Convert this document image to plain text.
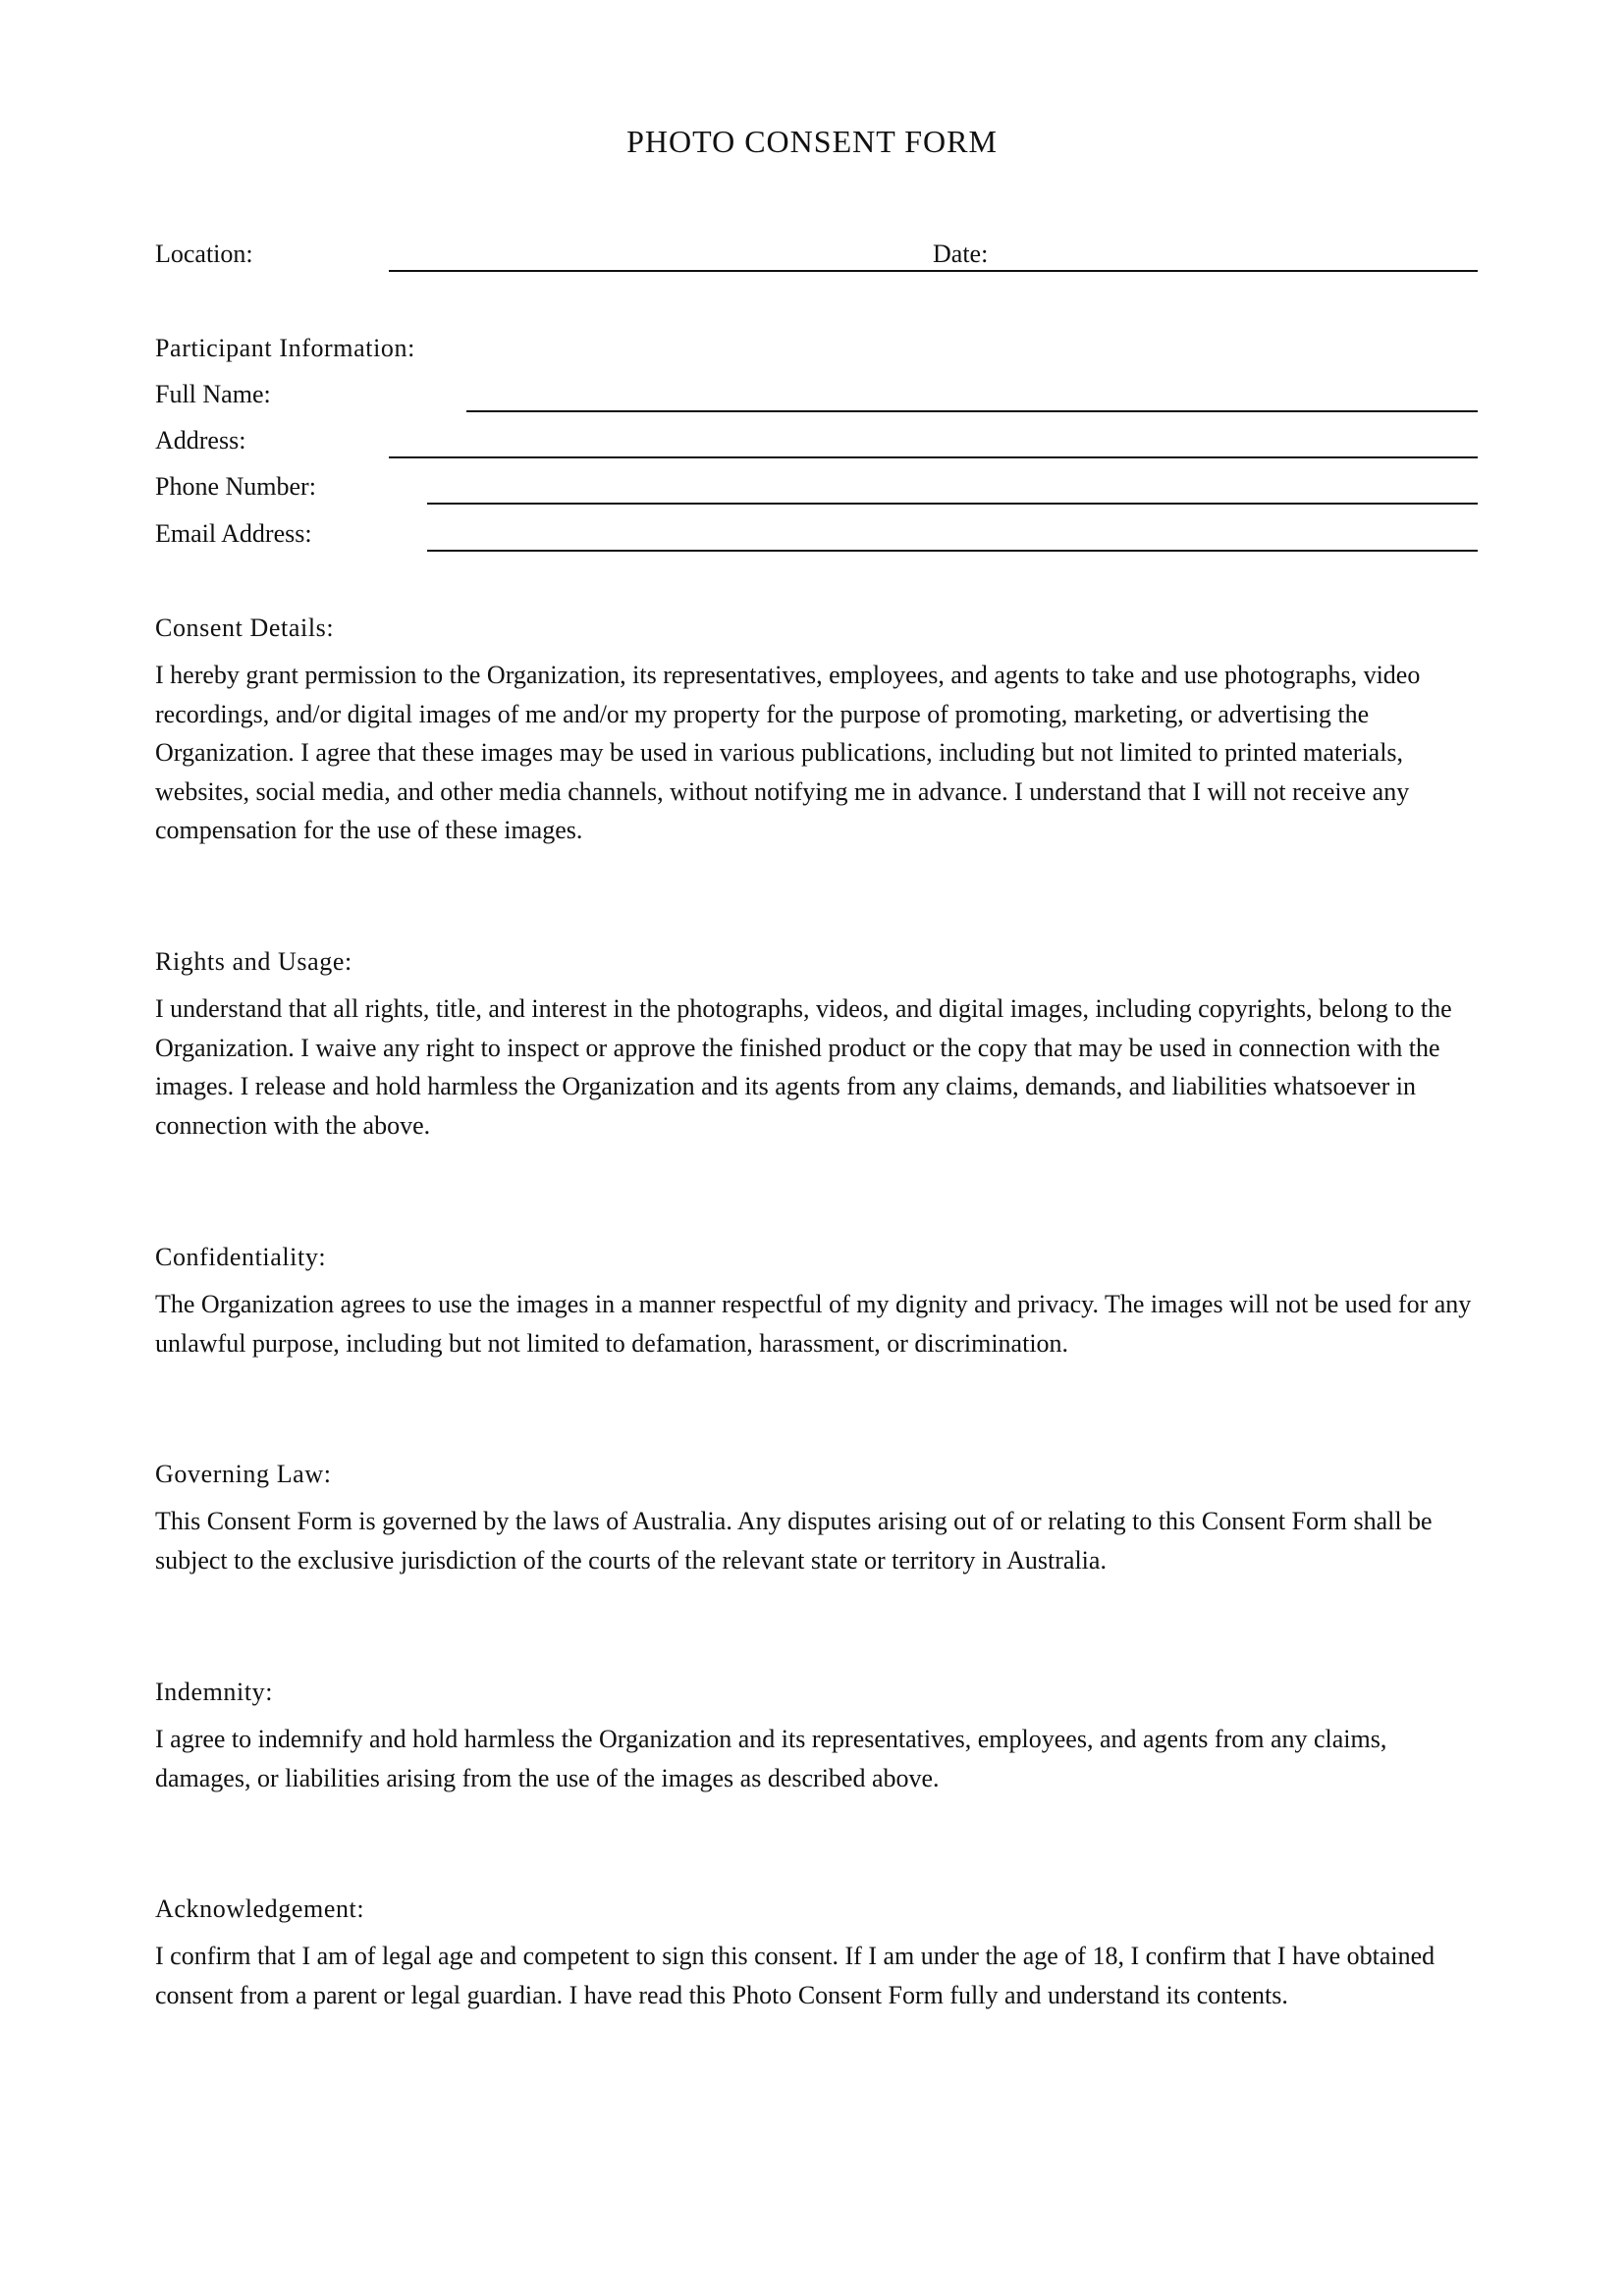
PHOTO CONSENT FORM
Location:	Date:
Participant Information:
Full Name:
Address:
Phone Number:
Email Address:
Consent Details:
I hereby grant permission to the Organization, its representatives, employees, and agents to take and use photographs, video recordings, and/or digital images of me and/or my property for the purpose of promoting, marketing, or advertising the Organization. I agree that these images may be used in various publications, including but not limited to printed materials, websites, social media, and other media channels, without notifying me in advance. I understand that I will not receive any compensation for the use of these images.
Rights and Usage:
I understand that all rights, title, and interest in the photographs, videos, and digital images, including copyrights, belong to the Organization. I waive any right to inspect or approve the finished product or the copy that may be used in connection with the images. I release and hold harmless the Organization and its agents from any claims, demands, and liabilities whatsoever in connection with the above.
Confidentiality:
The Organization agrees to use the images in a manner respectful of my dignity and privacy. The images will not be used for any unlawful purpose, including but not limited to defamation, harassment, or discrimination.
Governing Law:
This Consent Form is governed by the laws of Australia. Any disputes arising out of or relating to this Consent Form shall be subject to the exclusive jurisdiction of the courts of the relevant state or territory in Australia.
Indemnity:
I agree to indemnify and hold harmless the Organization and its representatives, employees, and agents from any claims, damages, or liabilities arising from the use of the images as described above.
Acknowledgement:
I confirm that I am of legal age and competent to sign this consent. If I am under the age of 18, I confirm that I have obtained consent from a parent or legal guardian. I have read this Photo Consent Form fully and understand its contents.
